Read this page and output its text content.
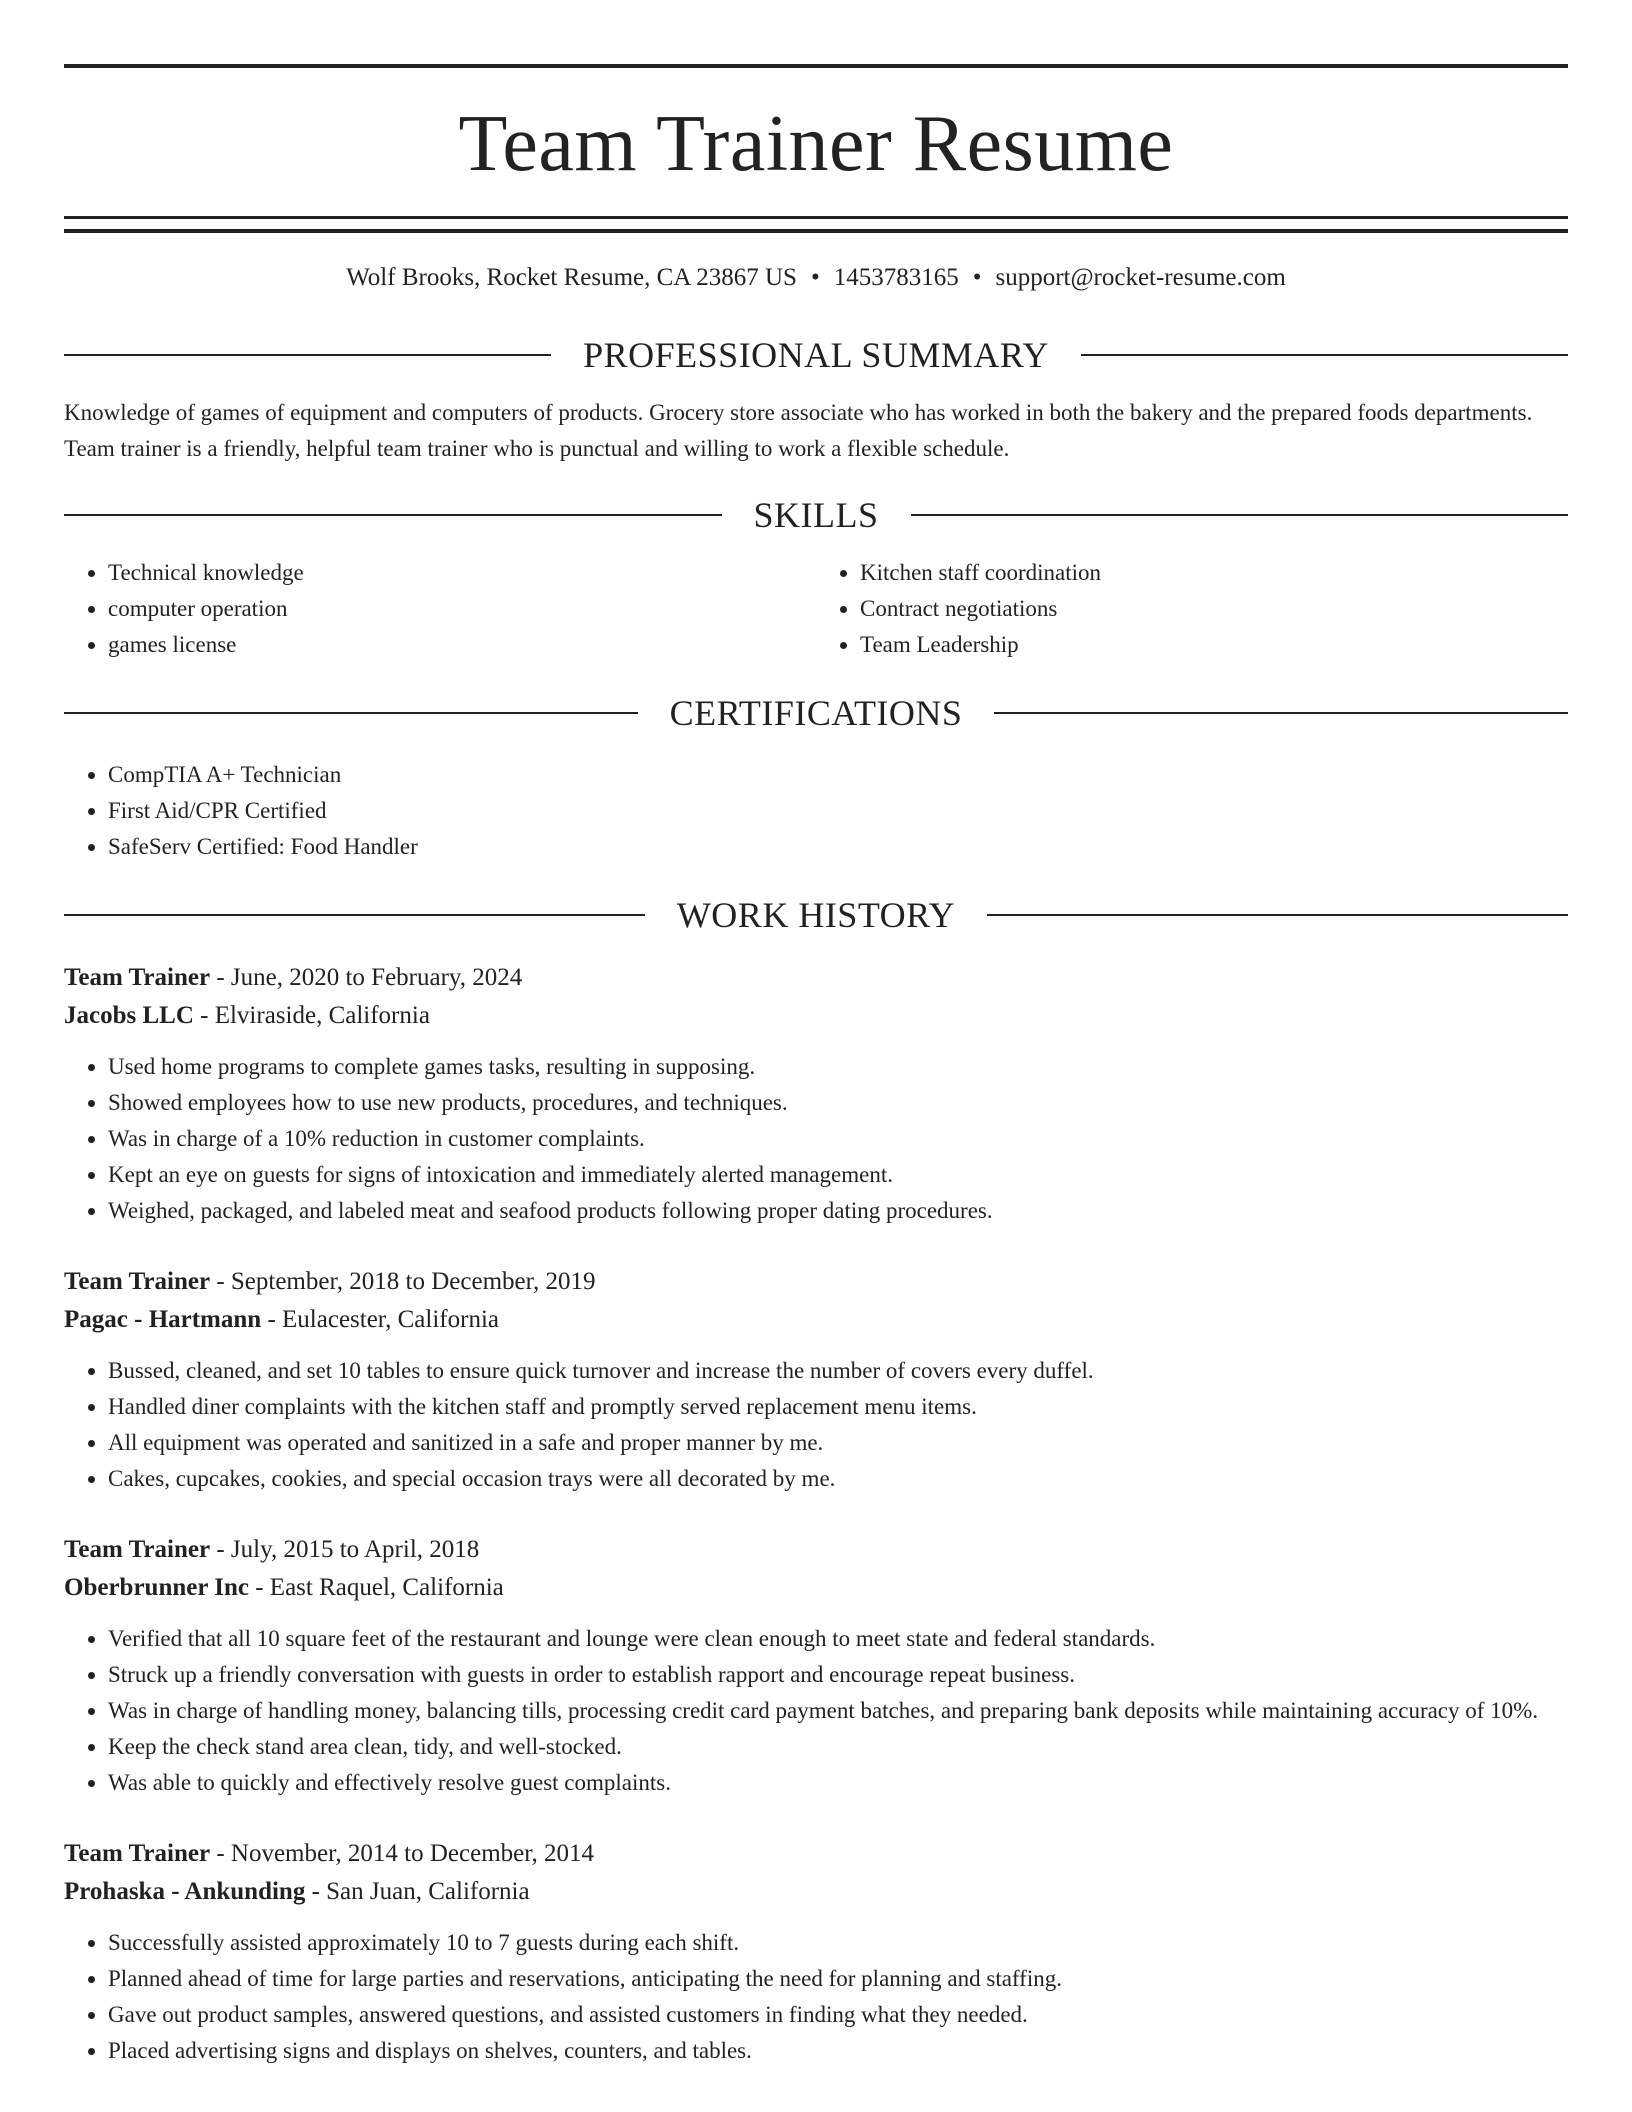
Team Trainer Resume
Wolf Brooks, Rocket Resume, CA 23867 US • 1453783165 • support@rocket-resume.com
PROFESSIONAL SUMMARY
Knowledge of games of equipment and computers of products. Grocery store associate who has worked in both the bakery and the prepared foods departments. Team trainer is a friendly, helpful team trainer who is punctual and willing to work a flexible schedule.
SKILLS
• Technical knowledge
• computer operation
• games license
• Kitchen staff coordination
• Contract negotiations
• Team Leadership
CERTIFICATIONS
• CompTIA A+ Technician
• First Aid/CPR Certified
• SafeServ Certified: Food Handler
WORK HISTORY
Team Trainer - June, 2020 to February, 2024
Jacobs LLC - Elviraside, California
• Used home programs to complete games tasks, resulting in supposing.
• Showed employees how to use new products, procedures, and techniques.
• Was in charge of a 10% reduction in customer complaints.
• Kept an eye on guests for signs of intoxication and immediately alerted management.
• Weighed, packaged, and labeled meat and seafood products following proper dating procedures.
Team Trainer - September, 2018 to December, 2019
Pagac - Hartmann - Eulacester, California
• Bussed, cleaned, and set 10 tables to ensure quick turnover and increase the number of covers every duffel.
• Handled diner complaints with the kitchen staff and promptly served replacement menu items.
• All equipment was operated and sanitized in a safe and proper manner by me.
• Cakes, cupcakes, cookies, and special occasion trays were all decorated by me.
Team Trainer - July, 2015 to April, 2018
Oberbrunner Inc - East Raquel, California
• Verified that all 10 square feet of the restaurant and lounge were clean enough to meet state and federal standards.
• Struck up a friendly conversation with guests in order to establish rapport and encourage repeat business.
• Was in charge of handling money, balancing tills, processing credit card payment batches, and preparing bank deposits while maintaining accuracy of 10%.
• Keep the check stand area clean, tidy, and well-stocked.
• Was able to quickly and effectively resolve guest complaints.
Team Trainer - November, 2014 to December, 2014
Prohaska - Ankunding - San Juan, California
• Successfully assisted approximately 10 to 7 guests during each shift.
• Planned ahead of time for large parties and reservations, anticipating the need for planning and staffing.
• Gave out product samples, answered questions, and assisted customers in finding what they needed.
• Placed advertising signs and displays on shelves, counters, and tables.
